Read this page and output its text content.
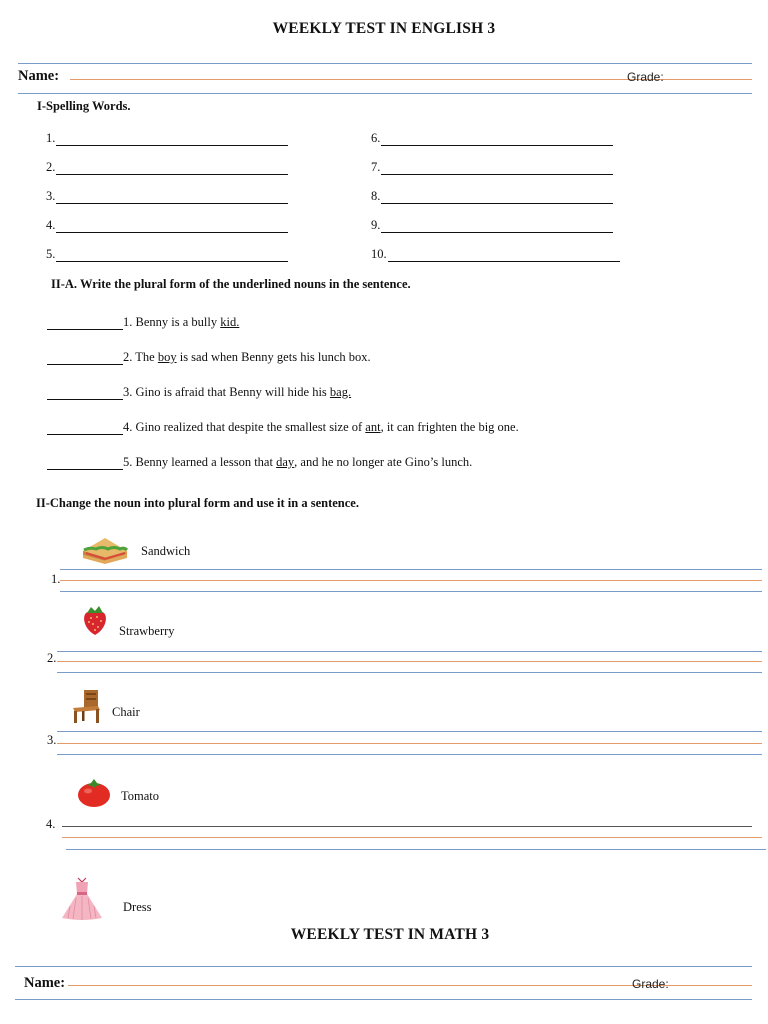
WEEKLY TEST IN ENGLISH 3
Name:	Grade:
I-Spelling Words.
1.
2.
3.
4.
5.
6.
7.
8.
9.
10.
II-A. Write the plural form of the underlined nouns in the sentence.
1. Benny is a bully kid.
2. The boy is sad when Benny gets his lunch box.
3. Gino is afraid that Benny will hide his bag.
4. Gino realized that despite the smallest size of ant , it can frighten the big one.
5. Benny learned a lesson that day , and he no longer ate Gino’s lunch.
II-Change the noun into plural form and use it in a sentence.
Sandwich
1.
Strawberry
2.
Chair
3.
Tomato
4.
Dress
WEEKLY TEST IN MATH 3
Name:	Grade:
